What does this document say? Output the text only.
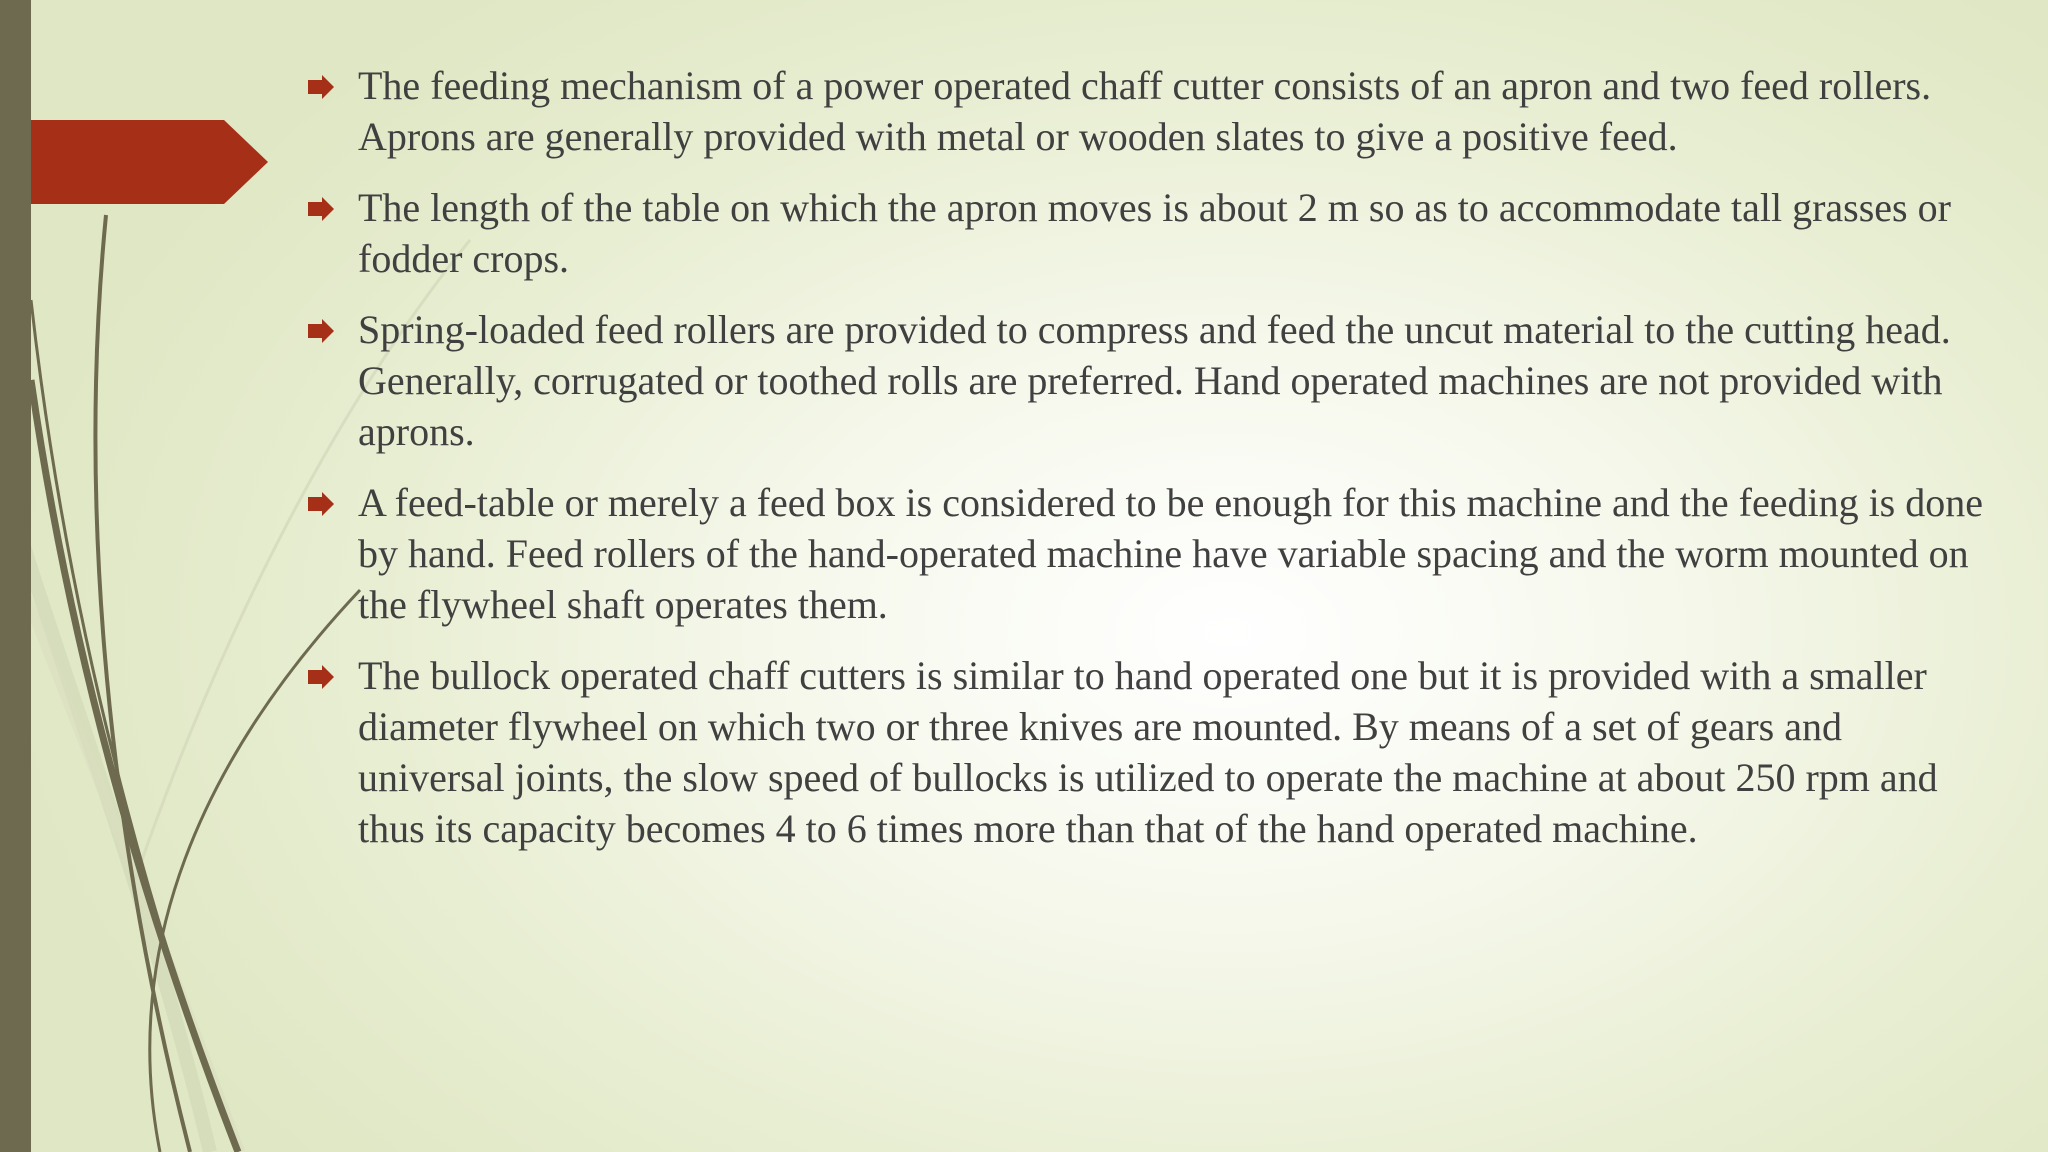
The feeding mechanism of a power operated chaff cutter consists of an apron and two feed rollers. Aprons are generally provided with metal or wooden slates to give a positive feed.
The length of the table on which the apron moves is about 2 m so as to accommodate tall grasses or fodder crops.
Spring-loaded feed rollers are provided to compress and feed the uncut material to the cutting head. Generally, corrugated or toothed rolls are preferred. Hand operated machines are not provided with aprons.
A feed-table or merely a feed box is considered to be enough for this machine and the feeding is done by hand. Feed rollers of the hand-operated machine have variable spacing and the worm mounted on the flywheel shaft operates them.
The bullock operated chaff cutters is similar to hand operated one but it is provided with a smaller diameter flywheel on which two or three knives are mounted. By means of a set of gears and universal joints, the slow speed of bullocks is utilized to operate the machine at about 250 rpm and thus its capacity becomes 4 to 6 times more than that of the hand operated machine.
